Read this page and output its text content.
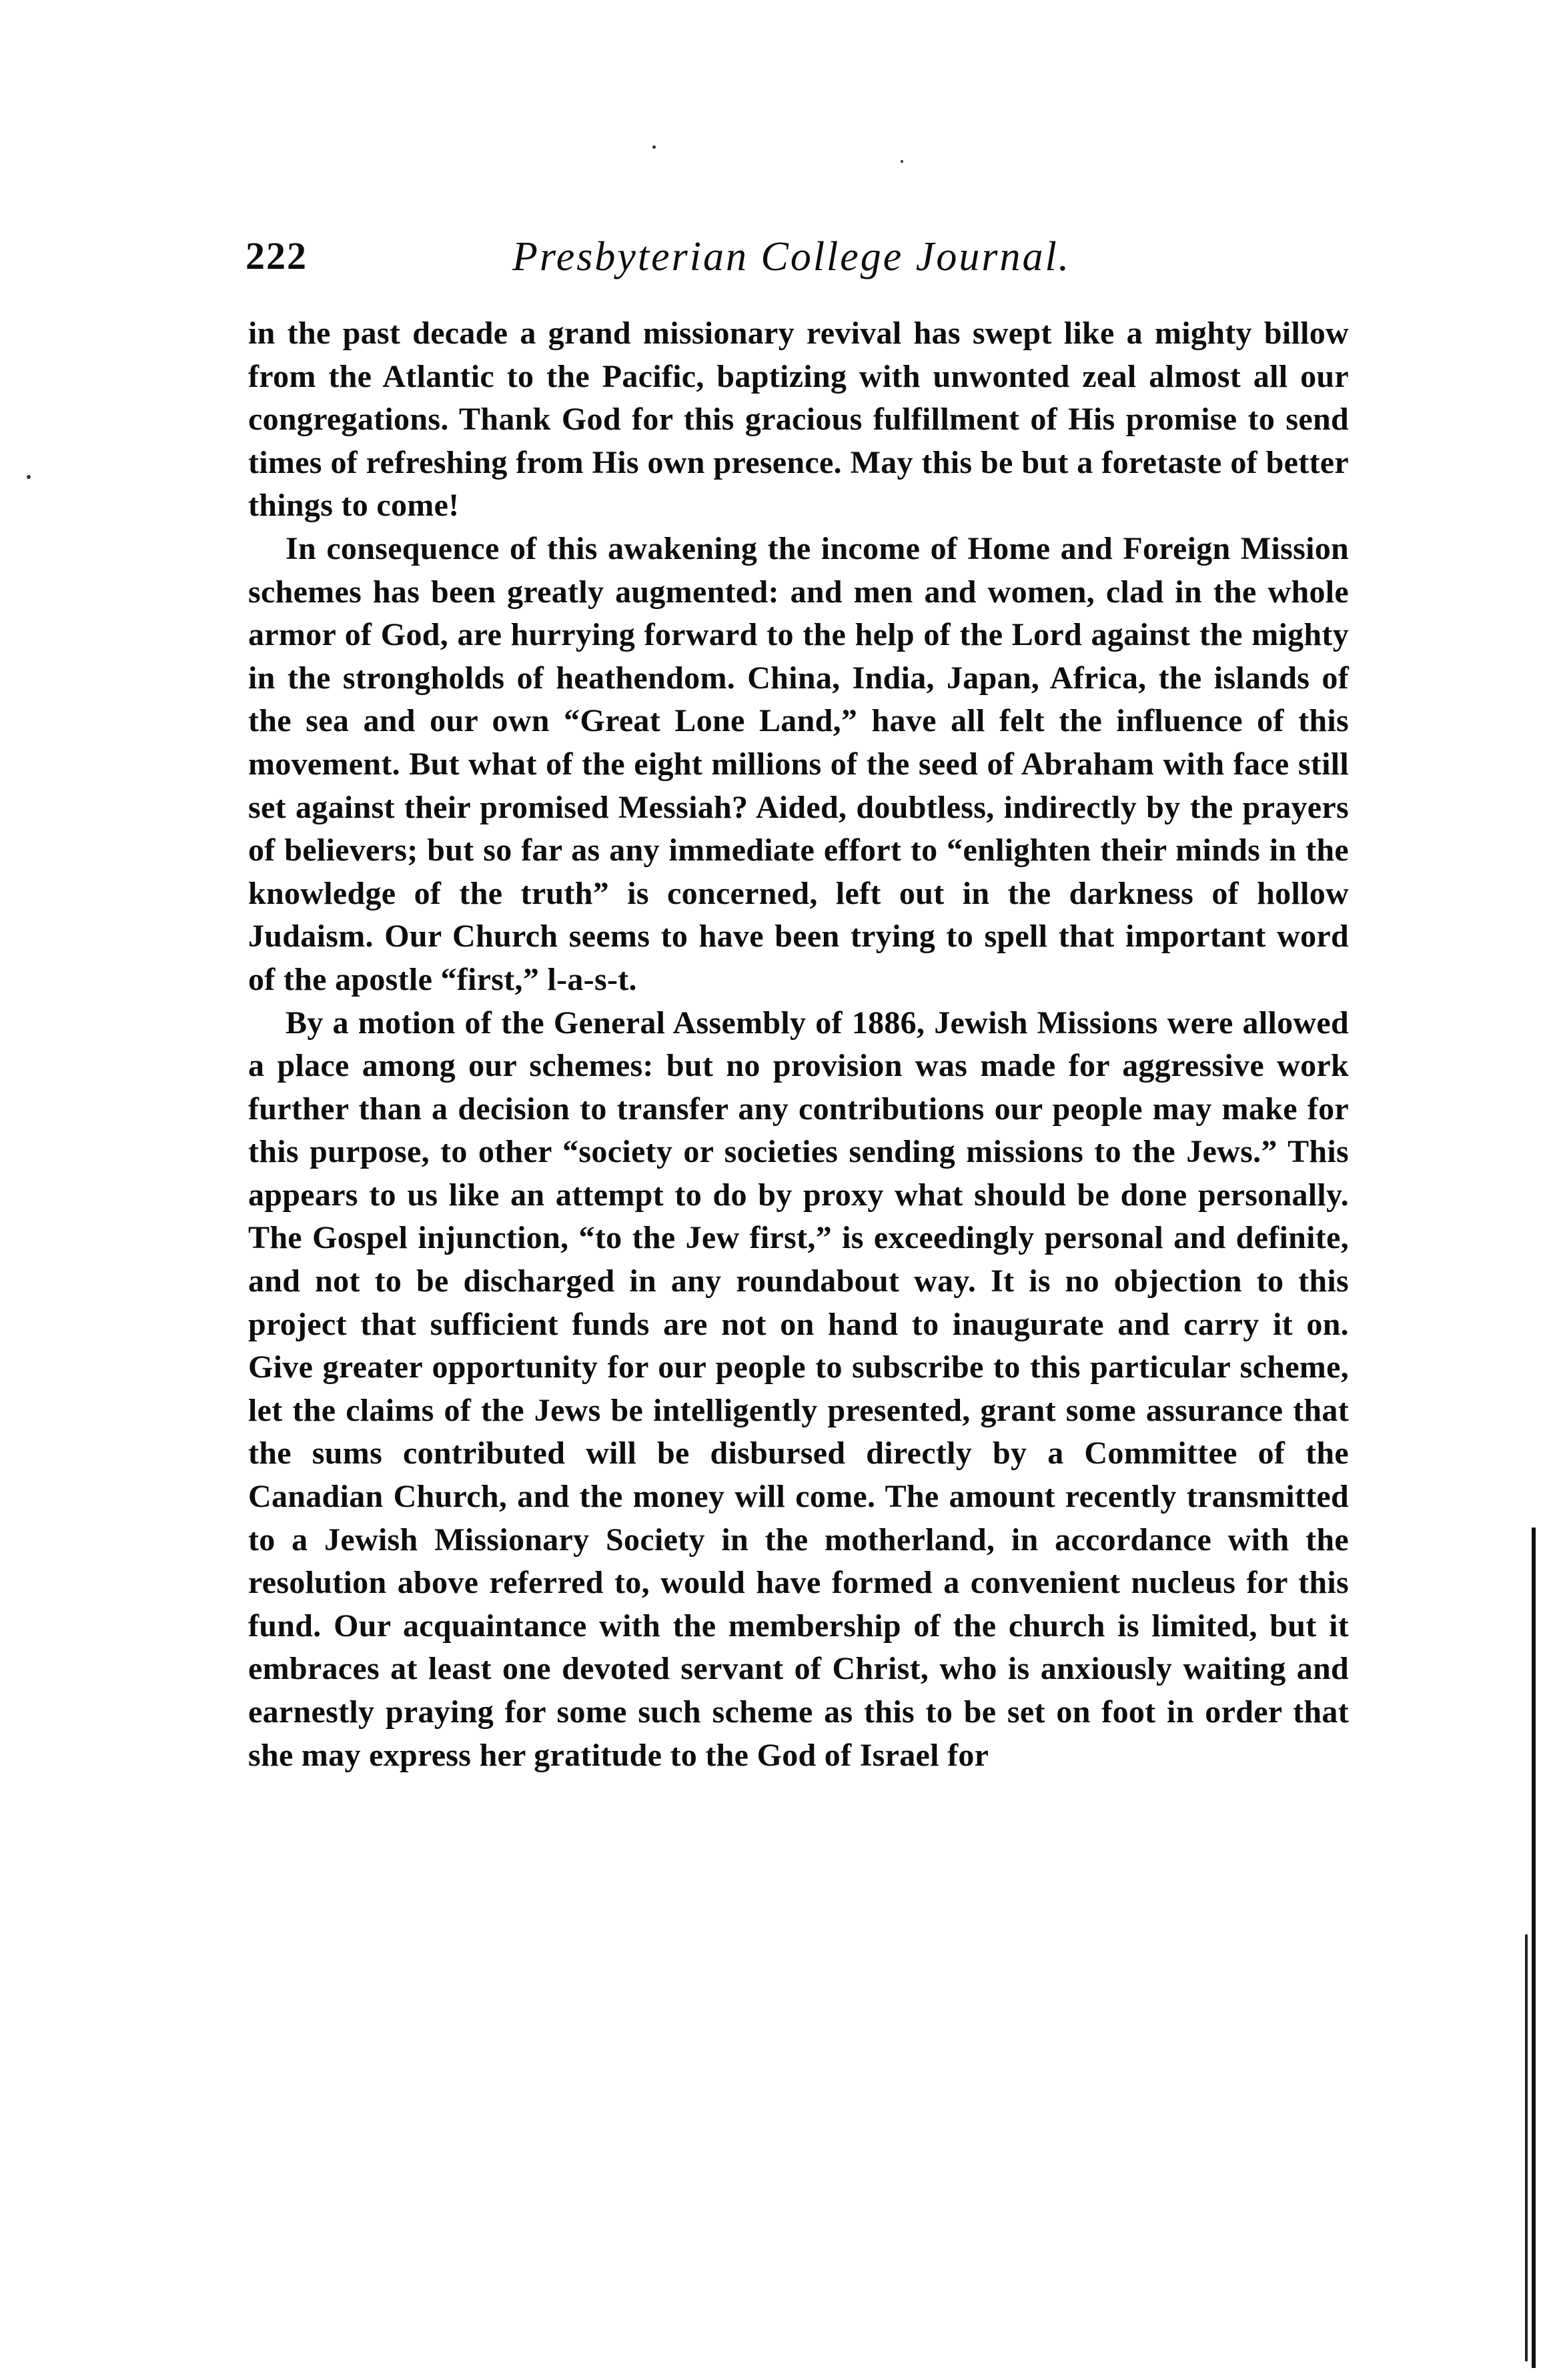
222	Presbyterian College Journal.

in the past decade a grand missionary revival has swept like a mighty billow from the Atlantic to the Pacific, baptizing with unwonted zeal almost all our congregations. Thank God for this gracious fulfillment of His promise to send times of refreshing from His own presence. May this be but a foretaste of better things to come!

In consequence of this awakening the income of Home and Foreign Mission schemes has been greatly augmented: and men and women, clad in the whole armor of God, are hurrying forward to the help of the Lord against the mighty in the strongholds of heathendom. China, India, Japan, Africa, the islands of the sea and our own “Great Lone Land,” have all felt the influence of this movement. But what of the eight millions of the seed of Abraham with face still set against their promised Messiah? Aided, doubtless, indirectly by the prayers of believers; but so far as any immediate effort to “enlighten their minds in the knowledge of the truth” is concerned, left out in the darkness of hollow Judaism. Our Church seems to have been trying to spell that important word of the apostle “first,” l-a-s-t.

By a motion of the General Assembly of 1886, Jewish Missions were allowed a place among our schemes: but no provision was made for aggressive work further than a decision to transfer any contributions our people may make for this purpose, to other “society or societies sending missions to the Jews.” This appears to us like an attempt to do by proxy what should be done personally. The Gospel injunction, “to the Jew first,” is exceedingly personal and definite, and not to be discharged in any roundabout way. It is no objection to this project that sufficient funds are not on hand to inaugurate and carry it on. Give greater opportunity for our people to subscribe to this particular scheme, let the claims of the Jews be intelligently presented, grant some assurance that the sums contributed will be disbursed directly by a Committee of the Canadian Church, and the money will come. The amount recently transmitted to a Jewish Missionary Society in the motherland, in accordance with the resolution above referred to, would have formed a convenient nucleus for this fund. Our acquaintance with the membership of the church is limited, but it embraces at least one devoted servant of Christ, who is anxiously waiting and earnestly praying for some such scheme as this to be set on foot in order that she may express her gratitude to the God of Israel for
